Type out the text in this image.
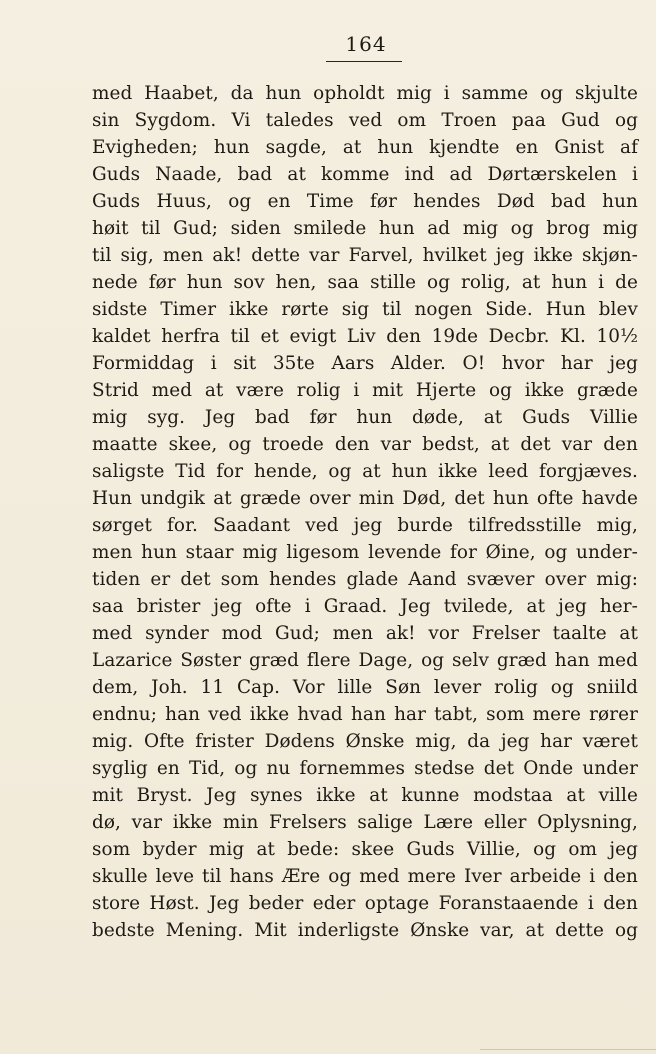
164
med Haabet, da hun opholdt mig i samme og skjulte
sin Sygdom. Vi taledes ved om Troen paa Gud og
Evigheden; hun sagde, at hun kjendte en Gnist af
Guds Naade, bad at komme ind ad Dørtærskelen i
Guds Huus, og en Time før hendes Død bad hun
høit til Gud; siden smilede hun ad mig og brog mig
til sig, men ak! dette var Farvel, hvilket jeg ikke skjøn-
nede før hun sov hen, saa stille og rolig, at hun i de
sidste Timer ikke rørte sig til nogen Side. Hun blev
kaldet herfra til et evigt Liv den 19de Decbr. Kl. 10½
Formiddag i sit 35te Aars Alder. O! hvor har jeg
Strid med at være rolig i mit Hjerte og ikke græde
mig syg. Jeg bad før hun døde, at Guds Villie
maatte skee, og troede den var bedst, at det var den
saligste Tid for hende, og at hun ikke leed forgjæves.
Hun undgik at græde over min Død, det hun ofte havde
sørget for. Saadant ved jeg burde tilfredsstille mig,
men hun staar mig ligesom levende for Øine, og under-
tiden er det som hendes glade Aand svæver over mig:
saa brister jeg ofte i Graad. Jeg tvilede, at jeg her-
med synder mod Gud; men ak! vor Frelser taalte at
Lazarice Søster græd flere Dage, og selv græd han med
dem, Joh. 11 Cap. Vor lille Søn lever rolig og sniild
endnu; han ved ikke hvad han har tabt, som mere rører
mig. Ofte frister Dødens Ønske mig, da jeg har været
syglig en Tid, og nu fornemmes stedse det Onde under
mit Bryst. Jeg synes ikke at kunne modstaa at ville
dø, var ikke min Frelsers salige Lære eller Oplysning,
som byder mig at bede: skee Guds Villie, og om jeg
skulle leve til hans Ære og med mere Iver arbeide i den
store Høst. Jeg beder eder optage Foranstaaende i den
bedste Mening. Mit inderligste Ønske var, at dette og
